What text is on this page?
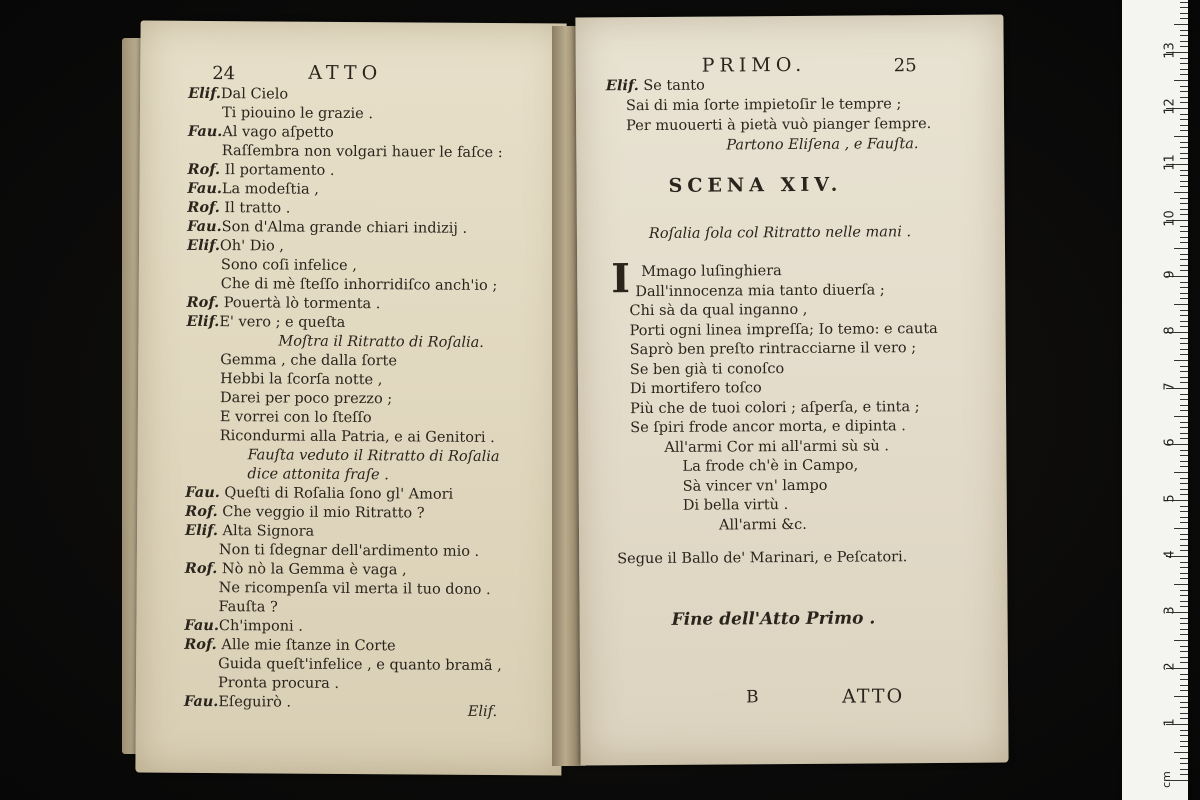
24	ATTO
Elif.Dal Cielo
Ti piouino le grazie .
Fau.Al vago aſpetto
Raſſembra non volgari hauer le faſce :
Rof. Il portamento .
Fau.La modeſtia ,
Rof. Il tratto .
Fau.Son d'Alma grande chiari indizij .
Elif.Oh' Dio ,
Sono coſi infelice ,
Che di mè ſteſſo inhorridiſco anch'io ;
Rof. Pouertà lò tormenta .
Elif.E' vero ; e queſta
Moſtra il Ritratto di Roſalia.
Gemma , che dalla ſorte
Hebbi la ſcorſa notte ,
Darei per poco prezzo ;
E vorrei con lo ſteſſo
Ricondurmi alla Patria, e ai Genitori .
Fauſta veduto il Ritratto di Roſalia
dice attonita fraſe .
Fau. Queſti di Roſalia ſono gl' Amori
Rof. Che veggio il mio Ritratto ?
Elif. Alta Signora
Non ti ſdegnar dell'ardimento mio .
Rof. Nò nò la Gemma è vaga ,
Ne ricompenſa vil merta il tuo dono .
Fauſta ?
Fau.Ch'imponi .
Rof. Alle mie ſtanze in Corte
Guida queſt'infelice , e quanto bramã ,
Pronta procura .
Fau.Eſeguirò .
Elif.
PRIMO.	25
Elif. Se tanto
Sai di mia ſorte impietoſir le tempre ;
Per muouerti à pietà vuò pianger ſempre.
Partono Eliſena , e Fauſta.
SCENA XIV.
Roſalia ſola col Ritratto nelle mani .
I Mmago luſinghiera
Dall'innocenza mia tanto diuerſa ;
Chi sà da qual inganno ,
Porti ogni linea impreſſa; Io temo: e cauta
Saprò ben preſto rintracciarne il vero ;
Se ben già ti conoſco
Di mortifero toſco
Più che de tuoi colori ; aſperſa, e tinta ;
Se ſpiri frode ancor morta, e dipinta .
All'armi Cor mi all'armi sù sù .
La frode ch'è in Campo,
Sà vincer vn' lampo
Di bella virtù .
All'armi &c.
Segue il Ballo de' Marinari, e Peſcatori.
Fine dell'Atto Primo .
B	ATTO
1
2
3
4
5
6
7
8
9
10
11
12
13
cm
